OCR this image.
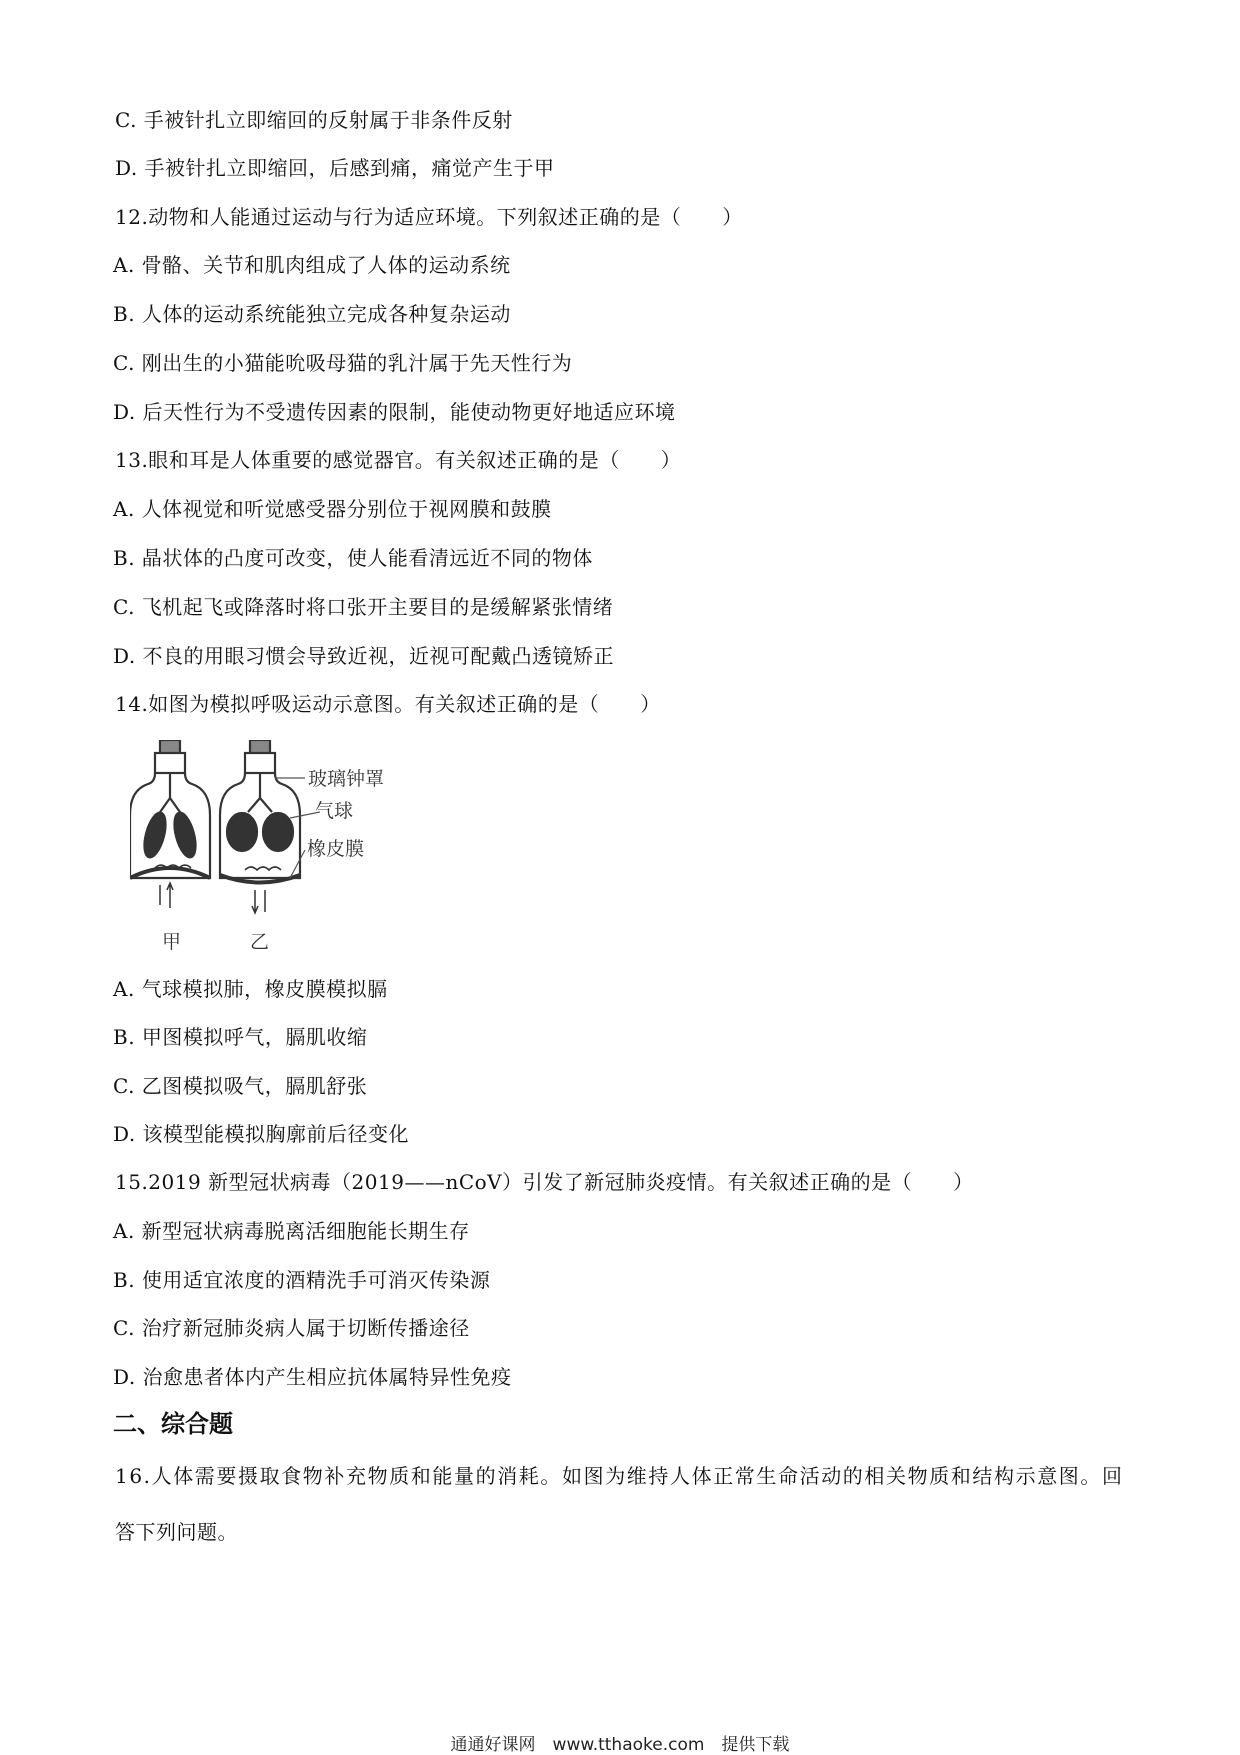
C. 手被针扎立即缩回的反射属于非条件反射
D. 手被针扎立即缩回，后感到痛，痛觉产生于甲
12.动物和人能通过运动与行为适应环境。下列叙述正确的是（　　）
A. 骨骼、关节和肌肉组成了人体的运动系统
B. 人体的运动系统能独立完成各种复杂运动
C. 刚出生的小猫能吮吸母猫的乳汁属于先天性行为
D. 后天性行为不受遗传因素的限制，能使动物更好地适应环境
13.眼和耳是人体重要的感觉器官。有关叙述正确的是（　　）
A. 人体视觉和听觉感受器分别位于视网膜和鼓膜
B. 晶状体的凸度可改变，使人能看清远近不同的物体
C. 飞机起飞或降落时将口张开主要目的是缓解紧张情绪
D. 不良的用眼习惯会导致近视，近视可配戴凸透镜矫正
14.如图为模拟呼吸运动示意图。有关叙述正确的是（　　）
玻璃钟罩
气球
橡皮膜
甲	乙
A. 气球模拟肺，橡皮膜模拟膈
B. 甲图模拟呼气，膈肌收缩
C. 乙图模拟吸气，膈肌舒张
D. 该模型能模拟胸廓前后径变化
15.2019 新型冠状病毒（2019——nCoV）引发了新冠肺炎疫情。有关叙述正确的是（　　）
A. 新型冠状病毒脱离活细胞能长期生存
B. 使用适宜浓度的酒精洗手可消灭传染源
C. 治疗新冠肺炎病人属于切断传播途径
D. 治愈患者体内产生相应抗体属特异性免疫
二、综合题
16.人体需要摄取食物补充物质和能量的消耗。如图为维持人体正常生命活动的相关物质和结构示意图。回
答下列问题。
通通好课网　www.tthaoke.com　提供下载
